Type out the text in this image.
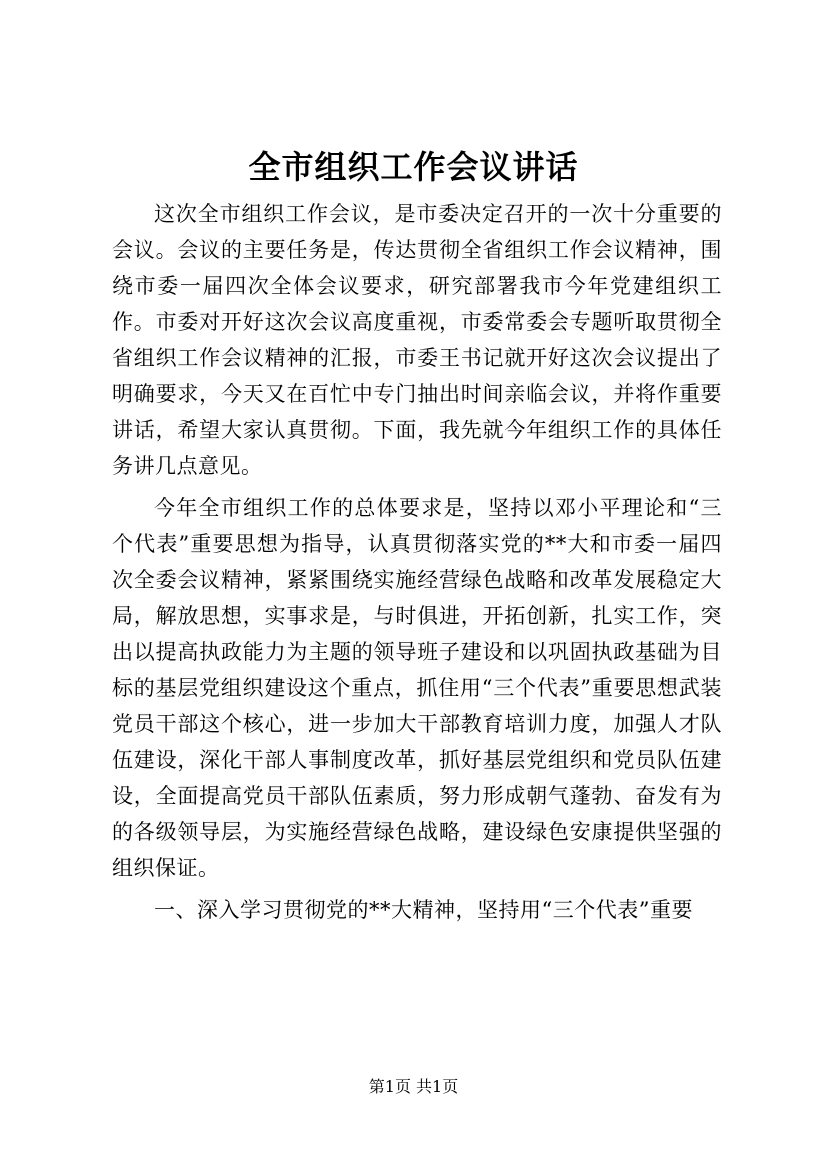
全市组织工作会议讲话

这次全市组织工作会议，是市委决定召开的一次十分重要的会议。会议的主要任务是，传达贯彻全省组织工作会议精神，围绕市委一届四次全体会议要求，研究部署我市今年党建组织工作。市委对开好这次会议高度重视，市委常委会专题听取贯彻全省组织工作会议精神的汇报，市委王书记就开好这次会议提出了明确要求，今天又在百忙中专门抽出时间亲临会议，并将作重要讲话，希望大家认真贯彻。下面，我先就今年组织工作的具体任务讲几点意见。

今年全市组织工作的总体要求是，坚持以邓小平理论和“三个代表”重要思想为指导，认真贯彻落实党的**大和市委一届四次全委会议精神，紧紧围绕实施经营绿色战略和改革发展稳定大局，解放思想，实事求是，与时俱进，开拓创新，扎实工作，突出以提高执政能力为主题的领导班子建设和以巩固执政基础为目标的基层党组织建设这个重点，抓住用“三个代表”重要思想武装党员干部这个核心，进一步加大干部教育培训力度，加强人才队伍建设，深化干部人事制度改革，抓好基层党组织和党员队伍建设，全面提高党员干部队伍素质，努力形成朝气蓬勃、奋发有为的各级领导层，为实施经营绿色战略，建设绿色安康提供坚强的组织保证。

一、深入学习贯彻党的**大精神，坚持用“三个代表”重要

第1页 共1页
